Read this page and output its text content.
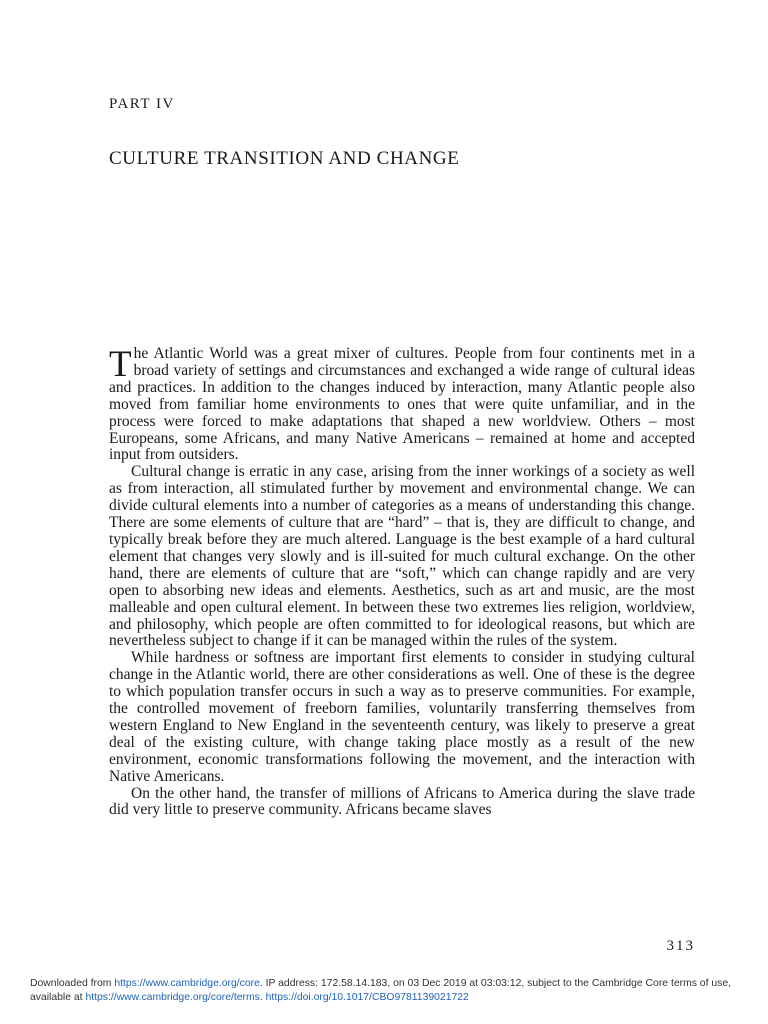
PART IV
CULTURE TRANSITION AND CHANGE

The Atlantic World was a great mixer of cultures. People from four continents met in a broad variety of settings and circumstances and exchanged a wide range of cultural ideas and practices. In addition to the changes induced by interaction, many Atlantic people also moved from familiar home environments to ones that were quite unfamiliar, and in the process were forced to make adaptations that shaped a new worldview. Others – most Europeans, some Africans, and many Native Americans – remained at home and accepted input from outsiders.

Cultural change is erratic in any case, arising from the inner workings of a society as well as from interaction, all stimulated further by movement and environmental change. We can divide cultural elements into a number of categories as a means of understanding this change. There are some elements of culture that are “hard” – that is, they are difficult to change, and typically break before they are much altered. Language is the best example of a hard cultural element that changes very slowly and is ill-suited for much cultural exchange. On the other hand, there are elements of culture that are “soft,” which can change rapidly and are very open to absorbing new ideas and elements. Aesthetics, such as art and music, are the most malleable and open cultural element. In between these two extremes lies religion, worldview, and philosophy, which people are often committed to for ideological reasons, but which are nevertheless subject to change if it can be managed within the rules of the system.

While hardness or softness are important first elements to consider in studying cultural change in the Atlantic world, there are other considerations as well. One of these is the degree to which population transfer occurs in such a way as to preserve communities. For example, the controlled movement of freeborn families, voluntarily transferring themselves from western England to New England in the seventeenth century, was likely to preserve a great deal of the existing culture, with change taking place mostly as a result of the new environment, economic transformations following the movement, and the interaction with Native Americans.

On the other hand, the transfer of millions of Africans to America during the slave trade did very little to preserve community. Africans became slaves

313
Downloaded from https://www.cambridge.org/core. IP address: 172.58.14.183, on 03 Dec 2019 at 03:03:12, subject to the Cambridge Core terms of use, available at https://www.cambridge.org/core/terms. https://doi.org/10.1017/CBO9781139021722
